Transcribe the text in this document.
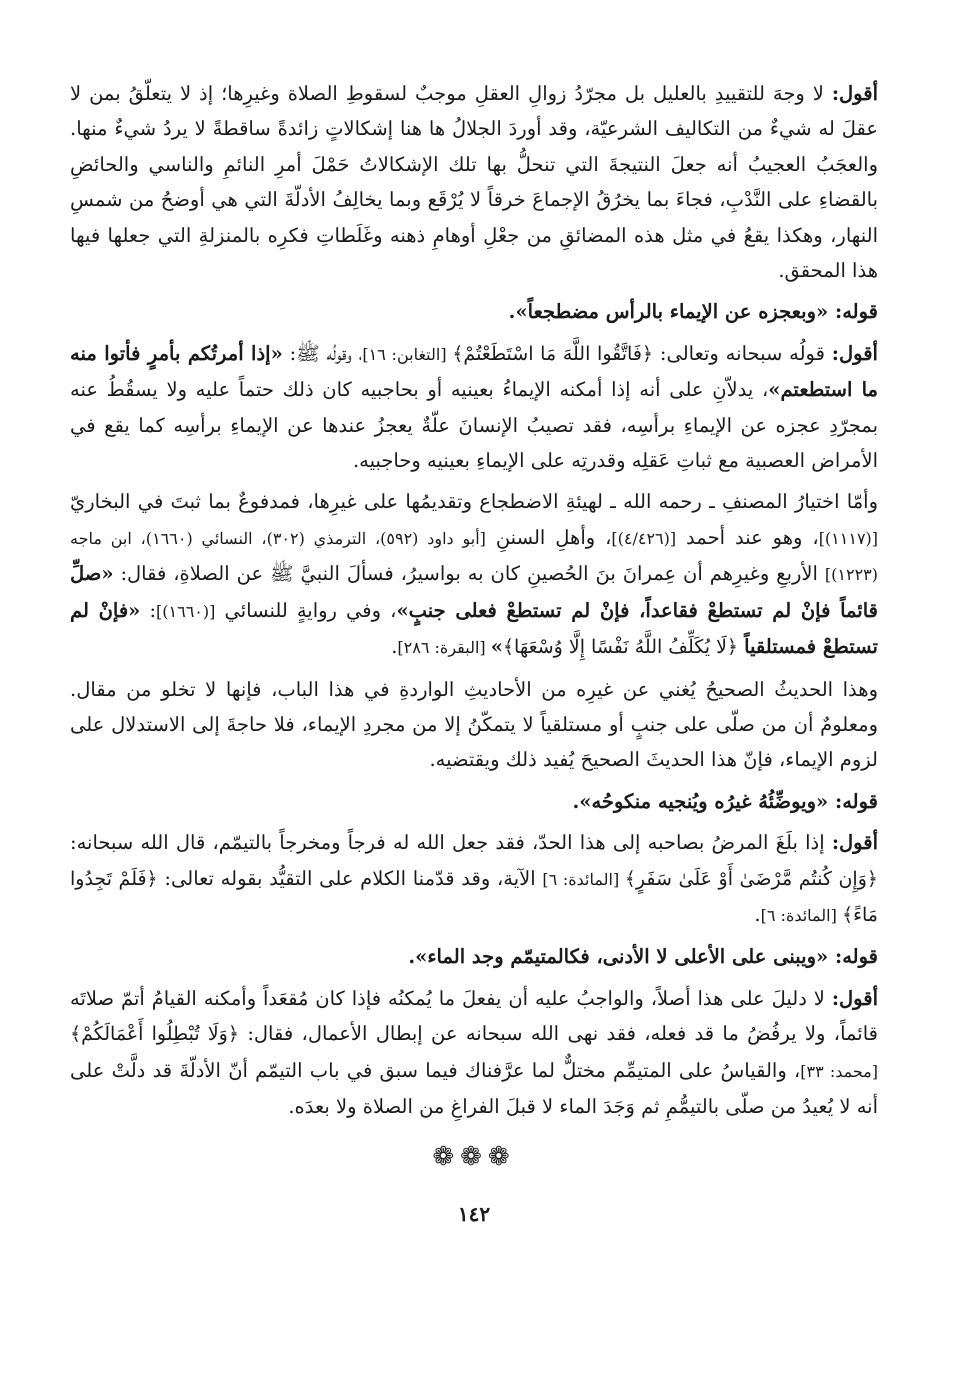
أقول: لا وجهَ للتقييدِ بالعليل بل مجرّدُ زوالِ العقلِ موجبٌ لسقوطِ الصلاة وغيرِها؛ إذ لا يتعلّقُ بمن لا عقلَ له شيءٌ من التكاليف الشرعيّة، وقد أوردَ الجلالُ ها هنا إشكالاتٍ زائدةً ساقطةً لا يردُ شيءٌ منها. والعجَبُ العجيبُ أنه جعلَ النتيجةَ التي تنحلُّ بها تلك الإشكالاتُ حَمْلَ أمرِ النائمِ والناسي والحائضِ بالقضاءِ على النَّدْبِ، فجاءَ بما يخرُقُ الإجماعَ خرقاً لا يُرْقَع وبما يخالِفُ الأدلّةَ التي هي أوضحُ من شمسِ النهار، وهكذا يقعُ في مثل هذه المضائقِ من جعْلِ أوهامِ ذهنه وغَلَطاتِ فكرِه بالمنزلةِ التي جعلها فيها هذا المحقق.

قوله: «وبعجزه عن الإيماء بالرأس مضطجعاً».

أقول: قولُه سبحانه وتعالى: ﴿فَاتَّقُوا اللَّهَ مَا اسْتَطَعْتُمْ﴾ [التغابن: ١٦]، وقولُه ﷺ: «إذا أمرتُكم بأمرٍ فأتوا منه ما استطعتم»، يدلاّنِ على أنه إذا أمكنه الإيماءُ بعينيه أو بحاجبيه كان ذلك حتماً عليه ولا يسقُطُ عنه بمجرّدِ عجزه عن الإيماءِ برأسِه، فقد تصيبُ الإنسانَ علّةٌ يعجزُ عندها عن الإيماءِ برأسِه كما يقع في الأمراض العصبية مع ثباتِ عَقلِه وقدرتِه على الإيماءِ بعينيه وحاجبيه.

وأمّا اختيارُ المصنفِ ـ رحمه الله ـ لهيئةِ الاضطجاع وتقديمُها على غيرِها، فمدفوعٌ بما ثبتَ في البخاريّ [(١١١٧)]، وهو عند أحمد [(٤/٤٢٦)]، وأهلِ السننِ [أبو داود (٥٩٢)، الترمذي (٣٠٢)، النسائي (١٦٦٠)، ابن ماجه (١٢٢٣)] الأربعِ وغيرِهم أن عِمرانَ بنَ الحُصينِ كان به بواسيرُ، فسألَ النبيَّ ﷺ عن الصلاةِ، فقال: «صلِّ قائماً فإنْ لم تستطعْ فقاعداً، فإنْ لم تستطعْ فعلى جنبٍ»، وفي روايةٍ للنسائي [(١٦٦٠)]: «فإنْ لم تستطعْ فمستلقياً ﴿لَا يُكَلِّفُ اللَّهُ نَفْسًا إِلَّا وُسْعَهَا﴾» [البقرة: ٢٨٦].

وهذا الحديثُ الصحيحُ يُغني عن غيرِه من الأحاديثِ الواردةِ في هذا الباب، فإنها لا تخلو من مقال. ومعلومٌ أن من صلّى على جنبٍ أو مستلقياً لا يتمكّنُ إلا من مجردِ الإيماء، فلا حاجةَ إلى الاستدلال على لزوم الإيماء، فإنّ هذا الحديثَ الصحيحَ يُفيد ذلك ويقتضيه.

قوله: «ويوضِّئُهُ غيرُه ويُنجيه منكوحُه».

أقول: إذا بلَغَ المرضُ بصاحبه إلى هذا الحدّ، فقد جعل الله له فرجاً ومخرجاً بالتيمّم، قال الله سبحانه: ﴿وَإِن كُنتُم مَّرْضَىٰ أَوْ عَلَىٰ سَفَرٍ﴾ [المائدة: ٦] الآية، وقد قدّمنا الكلام على التقيُّد بقوله تعالى: ﴿فَلَمْ تَجِدُوا مَاءً﴾ [المائدة: ٦].

قوله: «ويبنى على الأعلى لا الأدنى، فكالمتيمّم وجد الماء».

أقول: لا دليلَ على هذا أصلاً، والواجبُ عليه أن يفعلَ ما يُمكنُه فإذا كان مُقعَداً وأمكنه القيامُ أتمّ صلاتَه قائماً، ولا يرفُضُ ما قد فعله، فقد نهى الله سبحانه عن إبطال الأعمال، فقال: ﴿وَلَا تُبْطِلُوا أَعْمَالَكُمْ﴾ [محمد: ٣٣]، والقياسُ على المتيمِّم مختلٌّ لما عرَّفناك فيما سبق في باب التيمّم أنّ الأدلّةَ قد دلَّتْ على أنه لا يُعيدُ من صلّى بالتيمُّمِ ثم وَجَدَ الماء لا قبلَ الفراغِ من الصلاة ولا بعدَه.

❁❁❁
١٤٢
